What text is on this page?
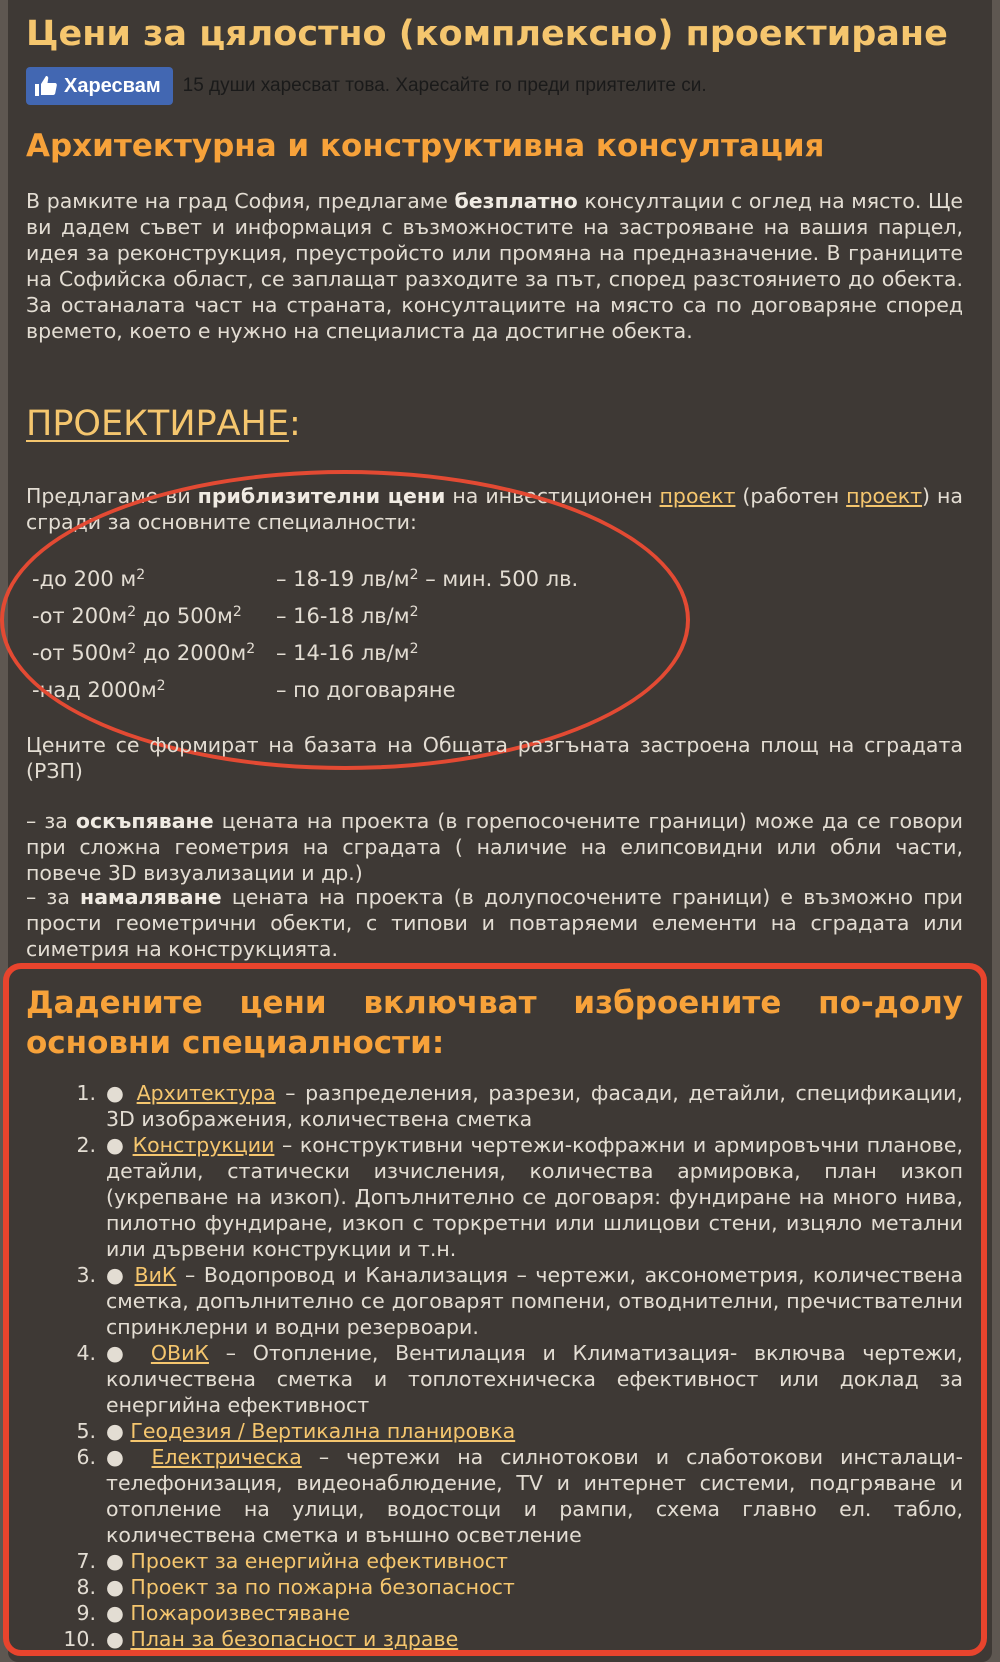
Цени за цялостно (комплексно) проектиране
Харесвам 15 души харесват това. Харесайте го преди приятелите си.
Архитектурна и конструктивна консултация

В рамките на град София, предлагаме безплатно консултации с оглед на място. Ще ви дадем съвет и информация с възможностите на застрояване на вашия парцел, идея за реконструкция, преустройсто или промяна на предназначение. В границите на Софийска област, се заплащат разходите за път, според разстоянието до обекта. За останалата част на страната, консултациите на място са по договаряне според времето, което е нужно на специалиста да достигне обекта.

ПРОЕКТИРАНЕ:

Предлагаме ви приблизителни цени на инвестиционен проект (работен проект) на сгради за основните специалности:

-до 200 $м^2$	– 18-19 $лв/м^2$ – мин. 500 лв.
-от $200м^2$ до $500м^2$	– 16-18 $лв/м^2$
-от $500м^2$ до $2000м^2$	– 14-16 $лв/м^2$
-над $2000м^2$	– по договаряне

Цените се формират на базата на Общата разгъната застроена площ на сградата (РЗП)

– за оскъпяване цената на проекта (в горепосочените граници) може да се говори при сложна геометрия на сградата ( наличие на елипсовидни или обли части, повече 3D визуализации и др.)

– за намаляване цената на проекта (в долупосочените граници) е възможно при прости геометрични обекти, с типови и повтаряеми елементи на сградата или симетрия на конструкцията.

Дадените цени включват изброените по-долу основни специалности:
1. ● Архитектура – разпределения, разрези, фасади, детайли, спецификации, 3D изображения, количествена сметка
2. ● Конструкции – конструктивни чертежи-кофражни и армировъчни планове, детайли, статически изчисления, количества армировка, план изкоп (укрепване на изкоп). Допълнително се договаря: фундиране на много нива, пилотно фундиране, изкоп с торкретни или шлицови стени, изцяло метални или дървени конструкции и т.н.
3. ● ВиК – Водопровод и Канализация – чертежи, аксонометрия, количествена сметка, допълнително се договарят помпени, отводнителни, пречиствателни спринклерни и водни резервоари.
4. ● ОВиК – Отопление, Вентилация и Климатизация- включва чертежи, количествена сметка и топлотехническа ефективност или доклад за енергийна ефективност
5. ● Геодезия / Вертикална планировка
6. ● Електрическа – чертежи на силнотокови и слаботокови инсталаци- телефонизация, видеонаблюдение, TV и интернет системи, подгряване и отопление на улици, водостоци и рампи, схема главно ел. табло, количествена сметка и външно осветление
7. ● Проект за енергийна ефективност
8. ● Проект за по пожарна безопасност
9. ● Пожароизвестяване
10. ● План за безопасност и здраве
